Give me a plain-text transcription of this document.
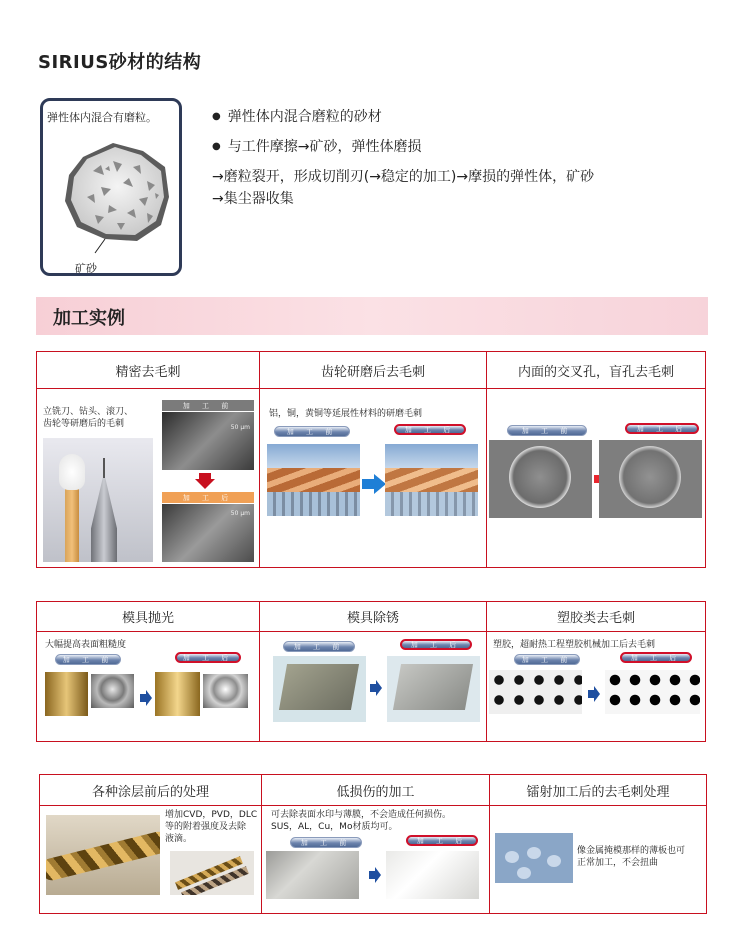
SIRIUS砂材的结构
弹性体内混合有磨粒。
矿砂
● 弹性体内混合磨粒的砂材
● 与工件摩擦→矿砂，弹性体磨损
→磨粒裂开，形成切削刃(→稳定的加工)→摩损的弹性体，矿砂
→集尘器收集
加工实例
精密去毛刺	齿轮研磨后去毛刺	内面的交叉孔，盲孔去毛刺
立铣刀、钻头、滚刀、
齿轮等研磨后的毛刺
加 工 前
50 μm
加 工 后
50 μm
铝，铜，黄铜等延展性材料的研磨毛刺
加 工 前	加 工 后	加 工 前	加 工 后
模具抛光	模具除锈	塑胶类去毛刺
大幅提高表面粗糙度
加 工 前	加 工 后
加 工 前	加 工 后	塑胶，超耐热工程塑胶机械加工后去毛刺
加 工 前	加 工 后
各种涂层前后的处理	低损伤的加工	镭射加工后的去毛刺处理
增加CVD，PVD，DLC
等的附着强度及去除
液滴。
可去除表面水印与薄膜，不会造成任何损伤。
SUS，AL，Cu，Mo材质均可。
加 工 前	加 工 后
像金属掩模那样的薄板也可
正常加工，不会扭曲
